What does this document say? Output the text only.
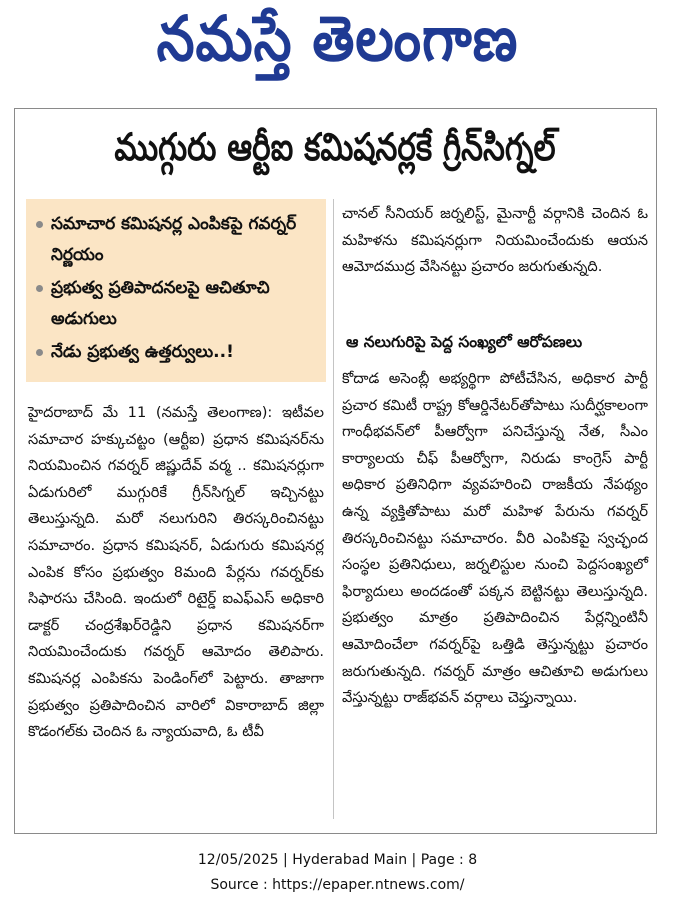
నమస్తే తెలంగాణ
ముగ్గురు ఆర్టీఐ కమిషనర్లకే గ్రీన్‌సిగ్నల్
సమాచార కమిషనర్ల ఎంపికపై గవర్నర్ నిర్ణయం
ప్రభుత్వ ప్రతిపాదనలపై ఆచితూచి అడుగులు
నేడు ప్రభుత్వ ఉత్తర్వులు..!

హైదరాబాద్ మే 11 (నమస్తే తెలంగాణ): ఇటీవల సమాచార హక్కుచట్టం (ఆర్టీఐ) ప్రధాన కమిషనర్‌ను నియమించిన గవర్నర్ జిష్ణుదేవ్ వర్మ .. కమిషనర్లుగా ఏడుగురిలో ముగ్గురికే గ్రీన్‌సిగ్నల్ ఇచ్చినట్టు తెలుస్తున్నది. మరో నలుగురిని తిరస్కరించినట్టు సమాచారం. ప్రధాన కమిషనర్, ఏడుగురు కమిషనర్ల ఎంపిక కోసం ప్రభుత్వం 8మంది పేర్లను గవర్నర్‌కు సిఫారసు చేసింది. ఇందులో రిటైర్డ్ ఐఎఫ్‌ఎస్ అధికారి డాక్టర్ చంద్రశేఖర్‌రెడ్డిని ప్రధాన కమిషనర్‌గా నియమించేందుకు గవర్నర్ ఆమోదం తెలిపారు. కమిషనర్ల ఎంపికను పెండింగ్‌లో పెట్టారు. తాజాగా ప్రభుత్వం ప్రతిపాదించిన వారిలో వికారాబాద్ జిల్లా కొడంగల్‌కు చెందిన ఓ న్యాయవాది, ఓ టీవీ

చానల్ సీనియర్ జర్నలిస్ట్, మైనార్టీ వర్గానికి చెందిన ఓ మహిళను కమిషనర్లుగా నియమించేందుకు ఆయన ఆమోదముద్ర వేసినట్టు ప్రచారం జరుగుతున్నది.

ఆ నలుగురిపై పెద్ద సంఖ్యలో ఆరోపణలు

కోదాడ అసెంబ్లీ అభ్యర్థిగా పోటీచేసిన, అధికార పార్టీ ప్రచార కమిటీ రాష్ట్ర కోఆర్డినేటర్‌తోపాటు సుదీర్ఘకాలంగా గాంధీభవన్‌లో పీఆర్వోగా పనిచేస్తున్న నేత, సీఎం కార్యాలయ చీఫ్ పీఆర్వోగా, నిరుడు కాంగ్రెస్ పార్టీ అధికార ప్రతినిధిగా వ్యవహరించి రాజకీయ నేపథ్యం ఉన్న వ్యక్తితోపాటు మరో మహిళ పేరును గవర్నర్ తిరస్కరించినట్టు సమాచారం. వీరి ఎంపికపై స్వచ్ఛంద సంస్థల ప్రతినిధులు, జర్నలిస్టుల నుంచి పెద్దసంఖ్యలో ఫిర్యాదులు అందడంతో పక్కన బెట్టినట్టు తెలుస్తున్నది. ప్రభుత్వం మాత్రం ప్రతిపాదించిన పేర్లన్నింటినీ ఆమోదించేలా గవర్నర్‌పై ఒత్తిడి తెస్తున్నట్టు ప్రచారం జరుగుతున్నది. గవర్నర్ మాత్రం ఆచితూచి అడుగులు వేస్తున్నట్టు రాజ్‌భవన్ వర్గాలు చెప్తున్నాయి.

12/05/2025 | Hyderabad Main | Page : 8
Source : https://epaper.ntnews.com/
